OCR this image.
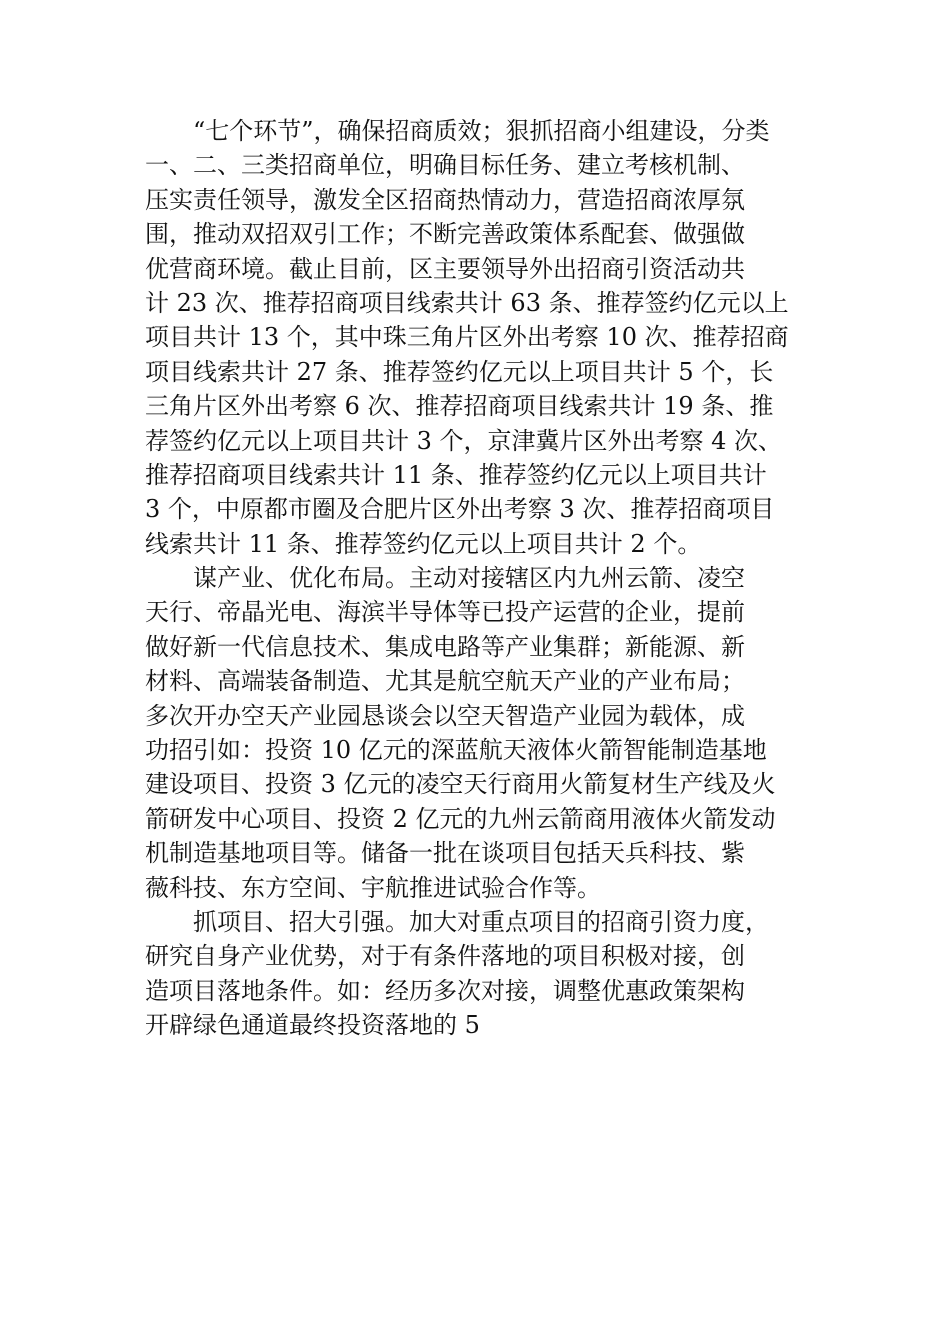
“七个环节”，确保招商质效；狠抓招商小组建设，分类
一、二、三类招商单位，明确目标任务、建立考核机制、
压实责任领导，激发全区招商热情动力，营造招商浓厚氛
围，推动双招双引工作；不断完善政策体系配套、做强做
优营商环境。截止目前，区主要领导外出招商引资活动共
计 23 次、推荐招商项目线索共计 63 条、推荐签约亿元以上
项目共计 13 个，其中珠三角片区外出考察 10 次、推荐招商
项目线索共计 27 条、推荐签约亿元以上项目共计 5 个，长
三角片区外出考察 6 次、推荐招商项目线索共计 19 条、推
荐签约亿元以上项目共计 3 个，京津冀片区外出考察 4 次、
推荐招商项目线索共计 11 条、推荐签约亿元以上项目共计
3 个，中原都市圈及合肥片区外出考察 3 次、推荐招商项目
线索共计 11 条、推荐签约亿元以上项目共计 2 个。
谋产业、优化布局。主动对接辖区内九州云箭、凌空
天行、帝晶光电、海滨半导体等已投产运营的企业，提前
做好新一代信息技术、集成电路等产业集群；新能源、新
材料、高端装备制造、尤其是航空航天产业的产业布局；
多次开办空天产业园恳谈会以空天智造产业园为载体，成
功招引如：投资 10 亿元的深蓝航天液体火箭智能制造基地
建设项目、投资 3 亿元的凌空天行商用火箭复材生产线及火
箭研发中心项目、投资 2 亿元的九州云箭商用液体火箭发动
机制造基地项目等。储备一批在谈项目包括天兵科技、紫
薇科技、东方空间、宇航推进试验合作等。
抓项目、招大引强。加大对重点项目的招商引资力度，
研究自身产业优势，对于有条件落地的项目积极对接，创
造项目落地条件。如：经历多次对接，调整优惠政策架构
开辟绿色通道最终投资落地的 5
